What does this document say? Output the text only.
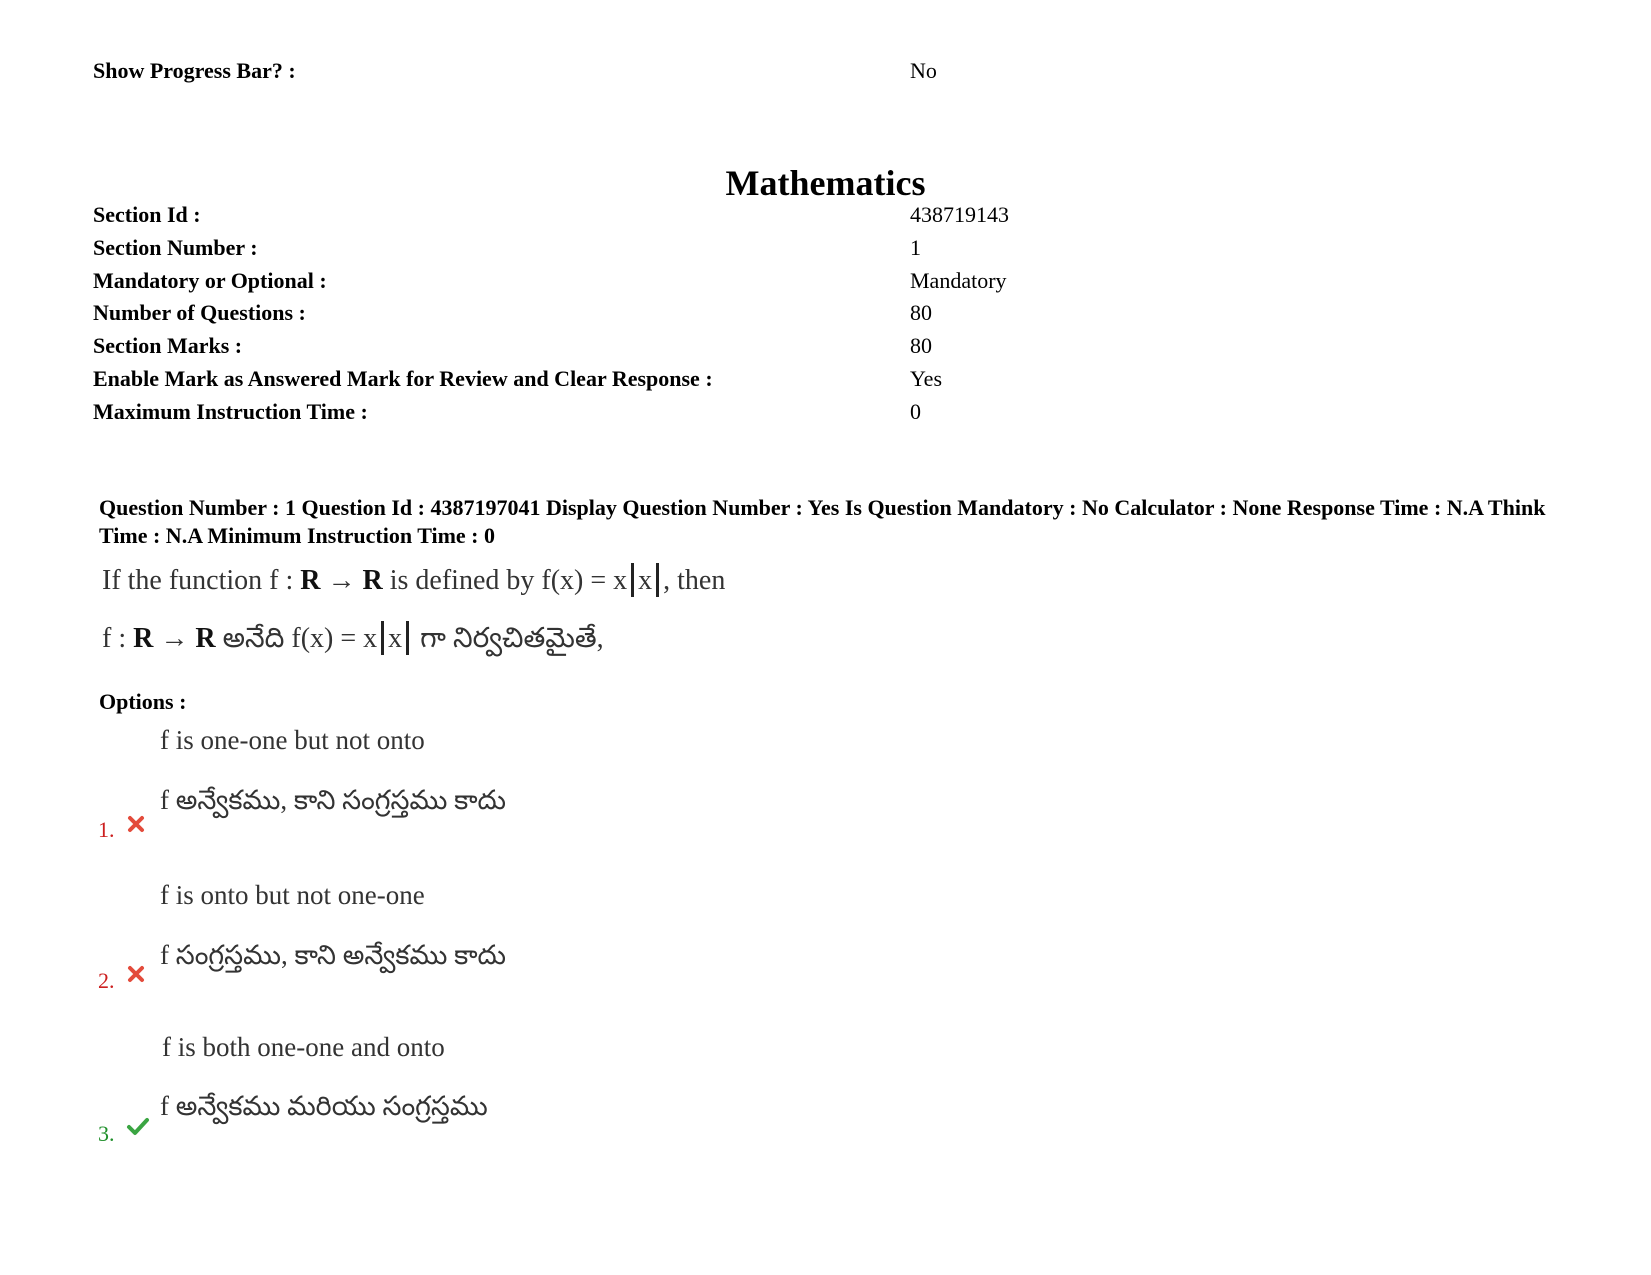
Show Progress Bar? :	No
Mathematics
Section Id :	438719143
Section Number :	1
Mandatory or Optional :	Mandatory
Number of Questions :	80
Section Marks :	80
Enable Mark as Answered Mark for Review and Clear Response :	Yes
Maximum Instruction Time :	0
Question Number : 1 Question Id : 4387197041 Display Question Number : Yes Is Question Mandatory : No Calculator : None Response Time : N.A Think Time : N.A Minimum Instruction Time : 0
If the function f : R → R is defined by f(x) = x x , then
f : R → R అనేది f(x) = x x గా నిర్వచితమైతే,
Options :
f is one-one but not onto
f అన్వేకము, కాని సంగ్రస్తము కాదు
1.
f is onto but not one-one
f సంగ్రస్తము, కాని అన్వేకము కాదు
2.
f is both one-one and onto
f అన్వేకము మరియు సంగ్రస్తము
3.
